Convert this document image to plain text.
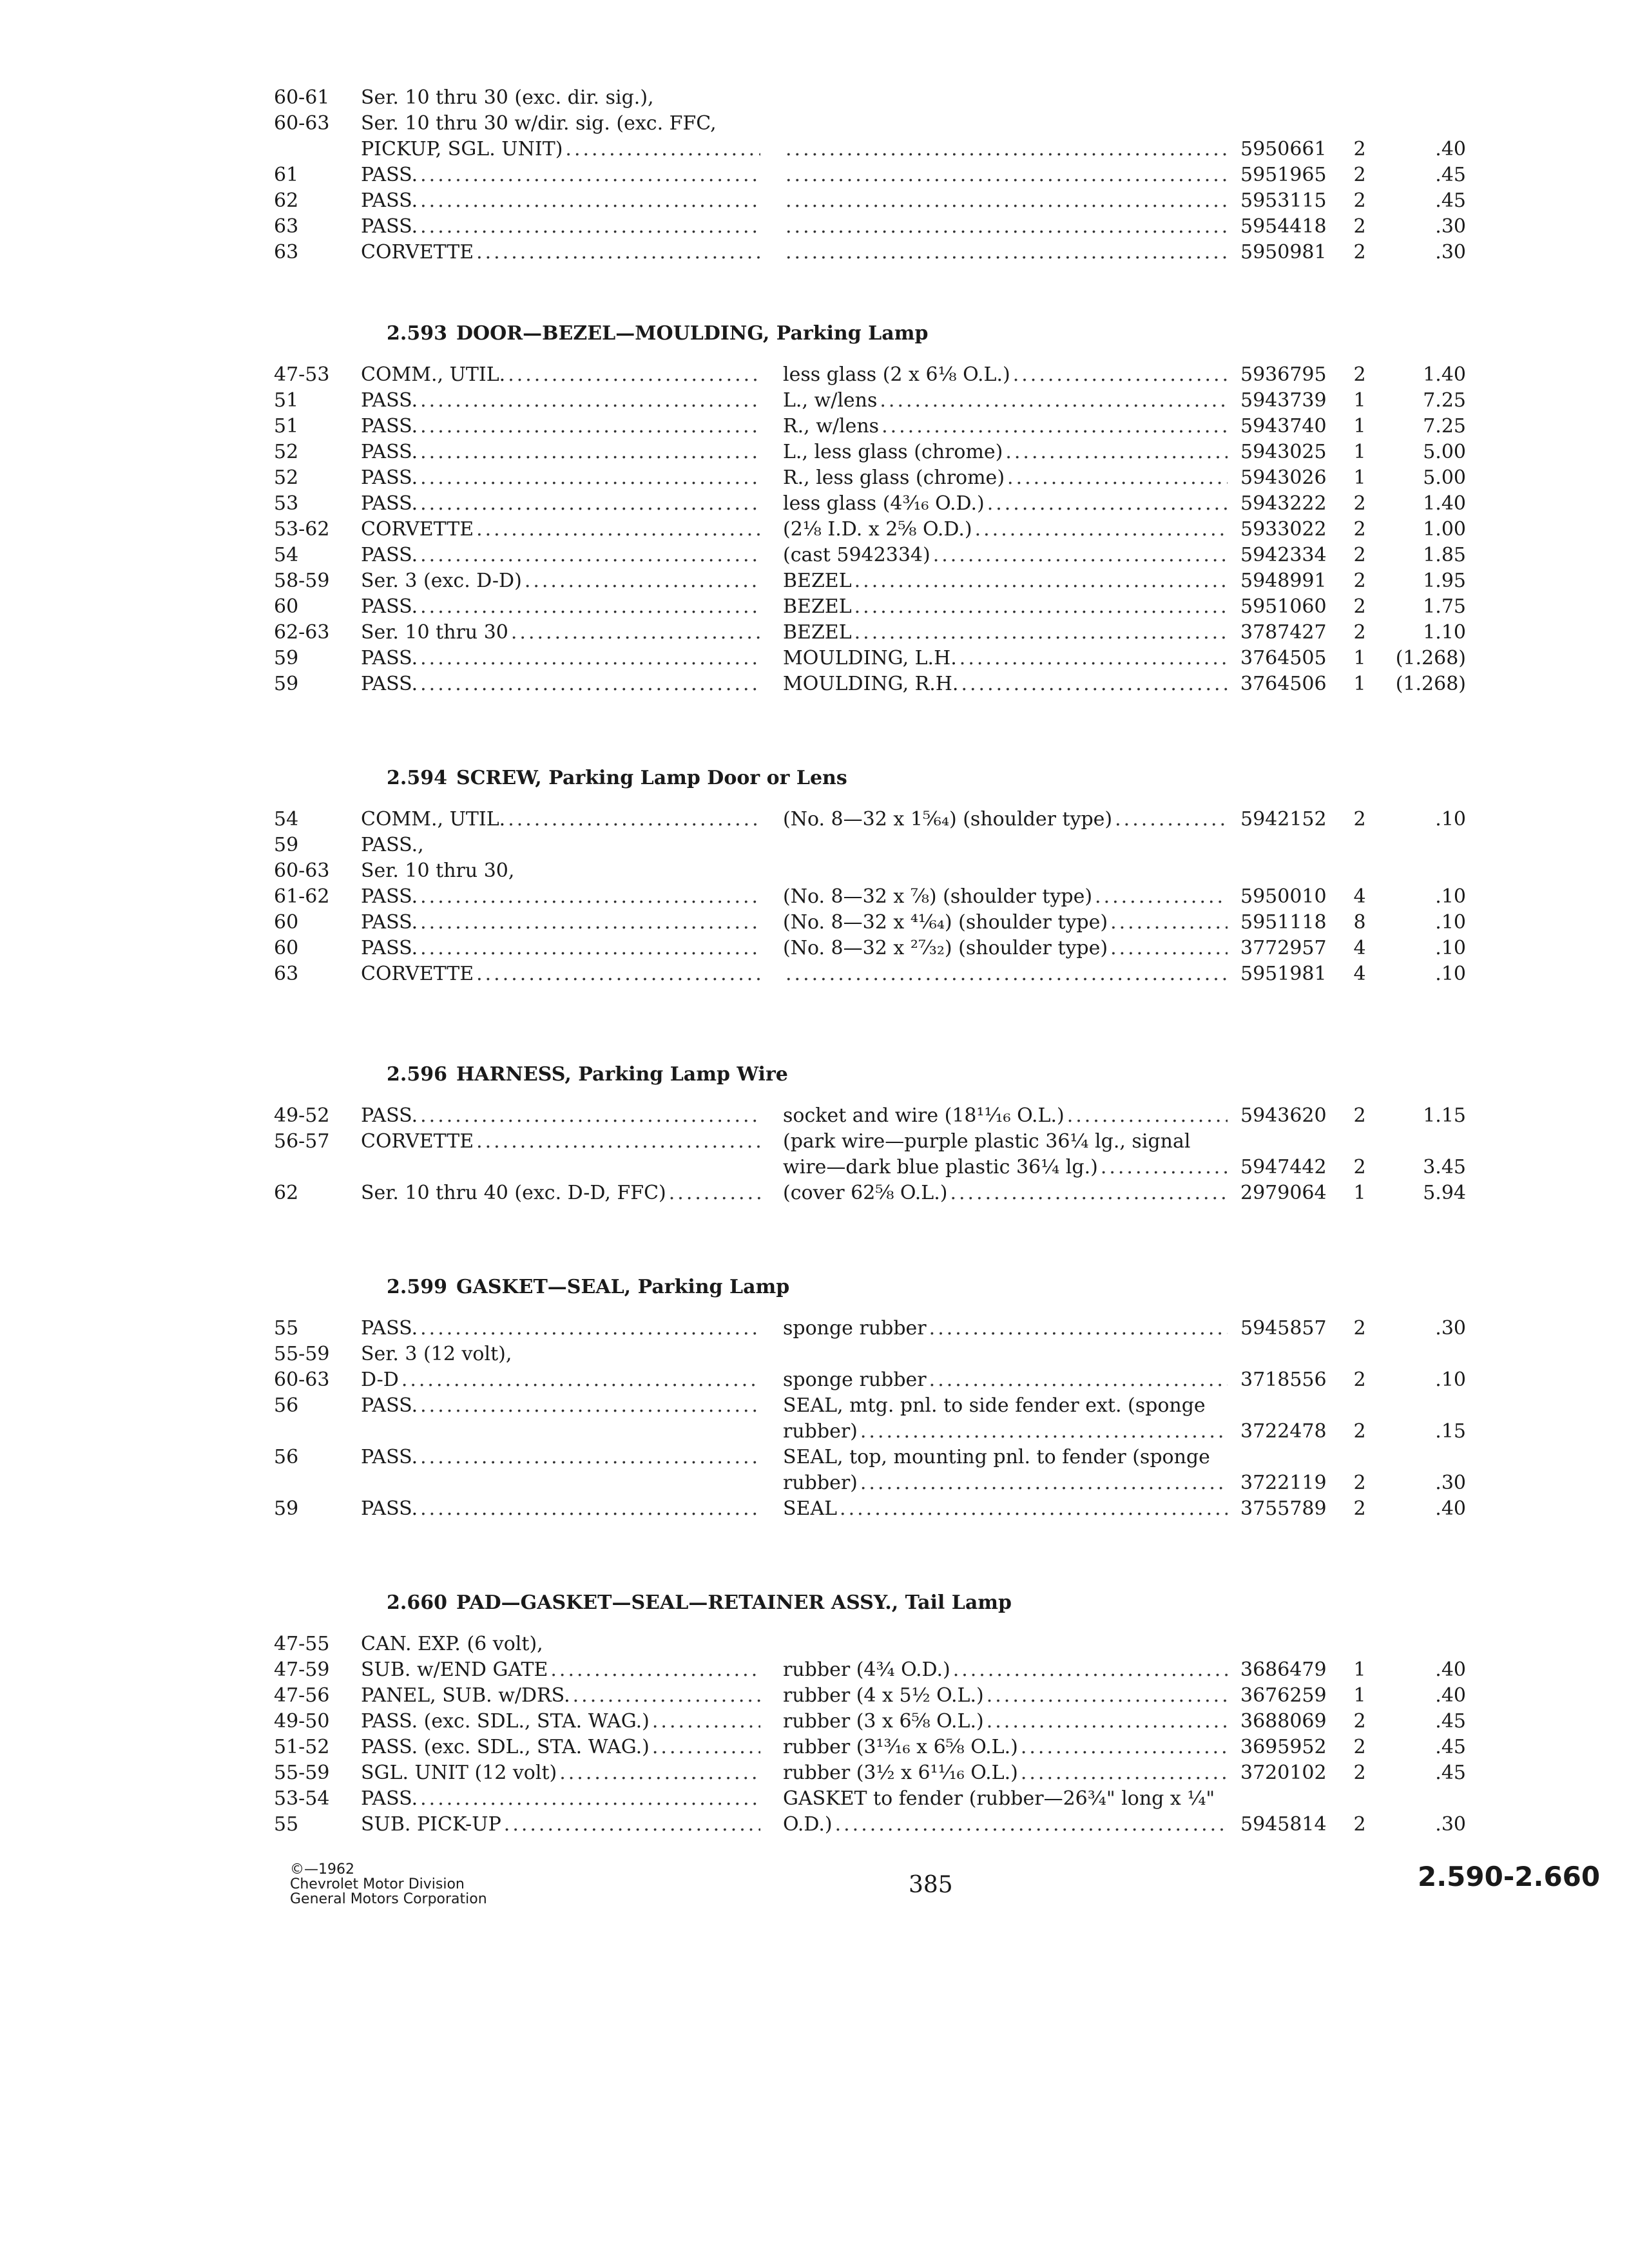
60-61	Ser. 10 thru 30 (exc. dir. sig.),
60-63	Ser. 10 thru 30 w/dir. sig. (exc. FFC,
PICKUP, SGL. UNIT) ..... .....	5950661	2	.40
61	PASS. ..... .....	5951965	2	.45
62	PASS. ..... .....	5953115	2	.45
63	PASS. ..... .....	5954418	2	.30
63	CORVETTE ..... .....	5950981	2	.30
2.593 DOOR—BEZEL—MOULDING, Parking Lamp
47-53	COMM., UTIL. .....	less glass (2 x 6⅛ O.L.) .....	5936795	2	1.40
51	PASS. .....	L., w/lens .....	5943739	1	7.25
51	PASS. .....	R., w/lens .....	5943740	1	7.25
52	PASS. .....	L., less glass (chrome) .....	5943025	1	5.00
52	PASS. .....	R., less glass (chrome) .....	5943026	1	5.00
53	PASS. .....	less glass (4³⁄₁₆ O.D.) .....	5943222	2	1.40
53-62	CORVETTE .....	(2⅛ I.D. x 2⅝ O.D.) .....	5933022	2	1.00
54	PASS. .....	(cast 5942334) .....	5942334	2	1.85
58-59	Ser. 3 (exc. D-D) .....	BEZEL .....	5948991	2	1.95
60	PASS. .....	BEZEL .....	5951060	2	1.75
62-63	Ser. 10 thru 30 .....	BEZEL .....	3787427	2	1.10
59	PASS. .....	MOULDING, L.H. .....	3764505	1	(1.268)
59	PASS. .....	MOULDING, R.H. .....	3764506	1	(1.268)
2.594 SCREW, Parking Lamp Door or Lens
54	COMM., UTIL. .....	(No. 8—32 x 1⁵⁄₆₄) (shoulder type) .....	5942152	2	.10
59	PASS.,
60-63	Ser. 10 thru 30,
61-62	PASS. .....	(No. 8—32 x ⅞) (shoulder type) .....	5950010	4	.10
60	PASS. .....	(No. 8—32 x ⁴¹⁄₆₄) (shoulder type) .....	5951118	8	.10
60	PASS. .....	(No. 8—32 x ²⁷⁄₃₂) (shoulder type) .....	3772957	4	.10
63	CORVETTE ..... .....	5951981	4	.10
2.596 HARNESS, Parking Lamp Wire
49-52	PASS. .....	socket and wire (18¹¹⁄₁₆ O.L.) .....	5943620	2	1.15
56-57	CORVETTE .....	(park wire—purple plastic 36¼ lg., signal
wire—dark blue plastic 36¼ lg.) .....	5947442	2	3.45
62	Ser. 10 thru 40 (exc. D-D, FFC) .....	(cover 62⅝ O.L.) .....	2979064	1	5.94
2.599 GASKET—SEAL, Parking Lamp
55	PASS. .....	sponge rubber .....	5945857	2	.30
55-59	Ser. 3 (12 volt),
60-63	D-D .....	sponge rubber .....	3718556	2	.10
56	PASS. .....	SEAL, mtg. pnl. to side fender ext. (sponge
rubber) .....	3722478	2	.15
56	PASS. .....	SEAL, top, mounting pnl. to fender (sponge
rubber) .....	3722119	2	.30
59	PASS. .....	SEAL .....	3755789	2	.40
2.660 PAD—GASKET—SEAL—RETAINER ASSY., Tail Lamp
47-55	CAN. EXP. (6 volt),
47-59	SUB. w/END GATE .....	rubber (4¾ O.D.) .....	3686479	1	.40
47-56	PANEL, SUB. w/DRS. .....	rubber (4 x 5½ O.L.) .....	3676259	1	.40
49-50	PASS. (exc. SDL., STA. WAG.) .....	rubber (3 x 6⅝ O.L.) .....	3688069	2	.45
51-52	PASS. (exc. SDL., STA. WAG.) .....	rubber (3¹³⁄₁₆ x 6⅝ O.L.) .....	3695952	2	.45
55-59	SGL. UNIT (12 volt) .....	rubber (3½ x 6¹¹⁄₁₆ O.L.) .....	3720102	2	.45
53-54	PASS. .....	GASKET to fender (rubber—26¾" long x ¼"
55	SUB. PICK-UP .....	O.D.) .....	5945814	2	.30
©—1962
Chevrolet Motor Division
General Motors Corporation
385	2.590-2.660
